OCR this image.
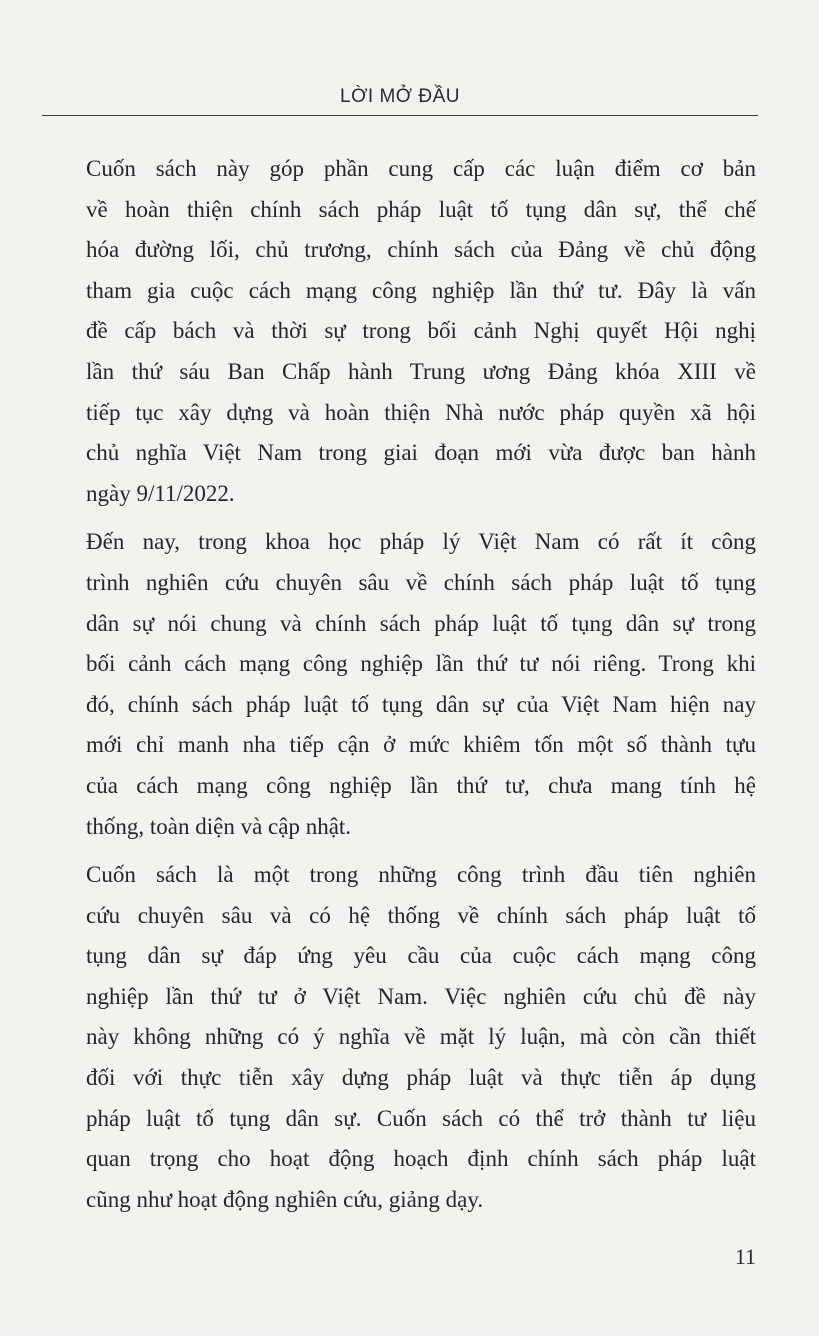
LỜI MỞ ĐẦU
Cuốn sách này góp phần cung cấp các luận điểm cơ bản
về hoàn thiện chính sách pháp luật tố tụng dân sự, thể chế
hóa đường lối, chủ trương, chính sách của Đảng về chủ động
tham gia cuộc cách mạng công nghiệp lần thứ tư. Đây là vấn
đề cấp bách và thời sự trong bối cảnh Nghị quyết Hội nghị
lần thứ sáu Ban Chấp hành Trung ương Đảng khóa XIII về
tiếp tục xây dựng và hoàn thiện Nhà nước pháp quyền xã hội
chủ nghĩa Việt Nam trong giai đoạn mới vừa được ban hành
ngày 9/11/2022.
Đến nay, trong khoa học pháp lý Việt Nam có rất ít công
trình nghiên cứu chuyên sâu về chính sách pháp luật tố tụng
dân sự nói chung và chính sách pháp luật tố tụng dân sự trong
bối cảnh cách mạng công nghiệp lần thứ tư nói riêng. Trong khi
đó, chính sách pháp luật tố tụng dân sự của Việt Nam hiện nay
mới chỉ manh nha tiếp cận ở mức khiêm tốn một số thành tựu
của cách mạng công nghiệp lần thứ tư, chưa mang tính hệ
thống, toàn diện và cập nhật.
Cuốn sách là một trong những công trình đầu tiên nghiên
cứu chuyên sâu và có hệ thống về chính sách pháp luật tố
tụng dân sự đáp ứng yêu cầu của cuộc cách mạng công
nghiệp lần thứ tư ở Việt Nam. Việc nghiên cứu chủ đề này
này không những có ý nghĩa về mặt lý luận, mà còn cần thiết
đối với thực tiễn xây dựng pháp luật và thực tiễn áp dụng
pháp luật tố tụng dân sự. Cuốn sách có thể trở thành tư liệu
quan trọng cho hoạt động hoạch định chính sách pháp luật
cũng như hoạt động nghiên cứu, giảng dạy.
11
